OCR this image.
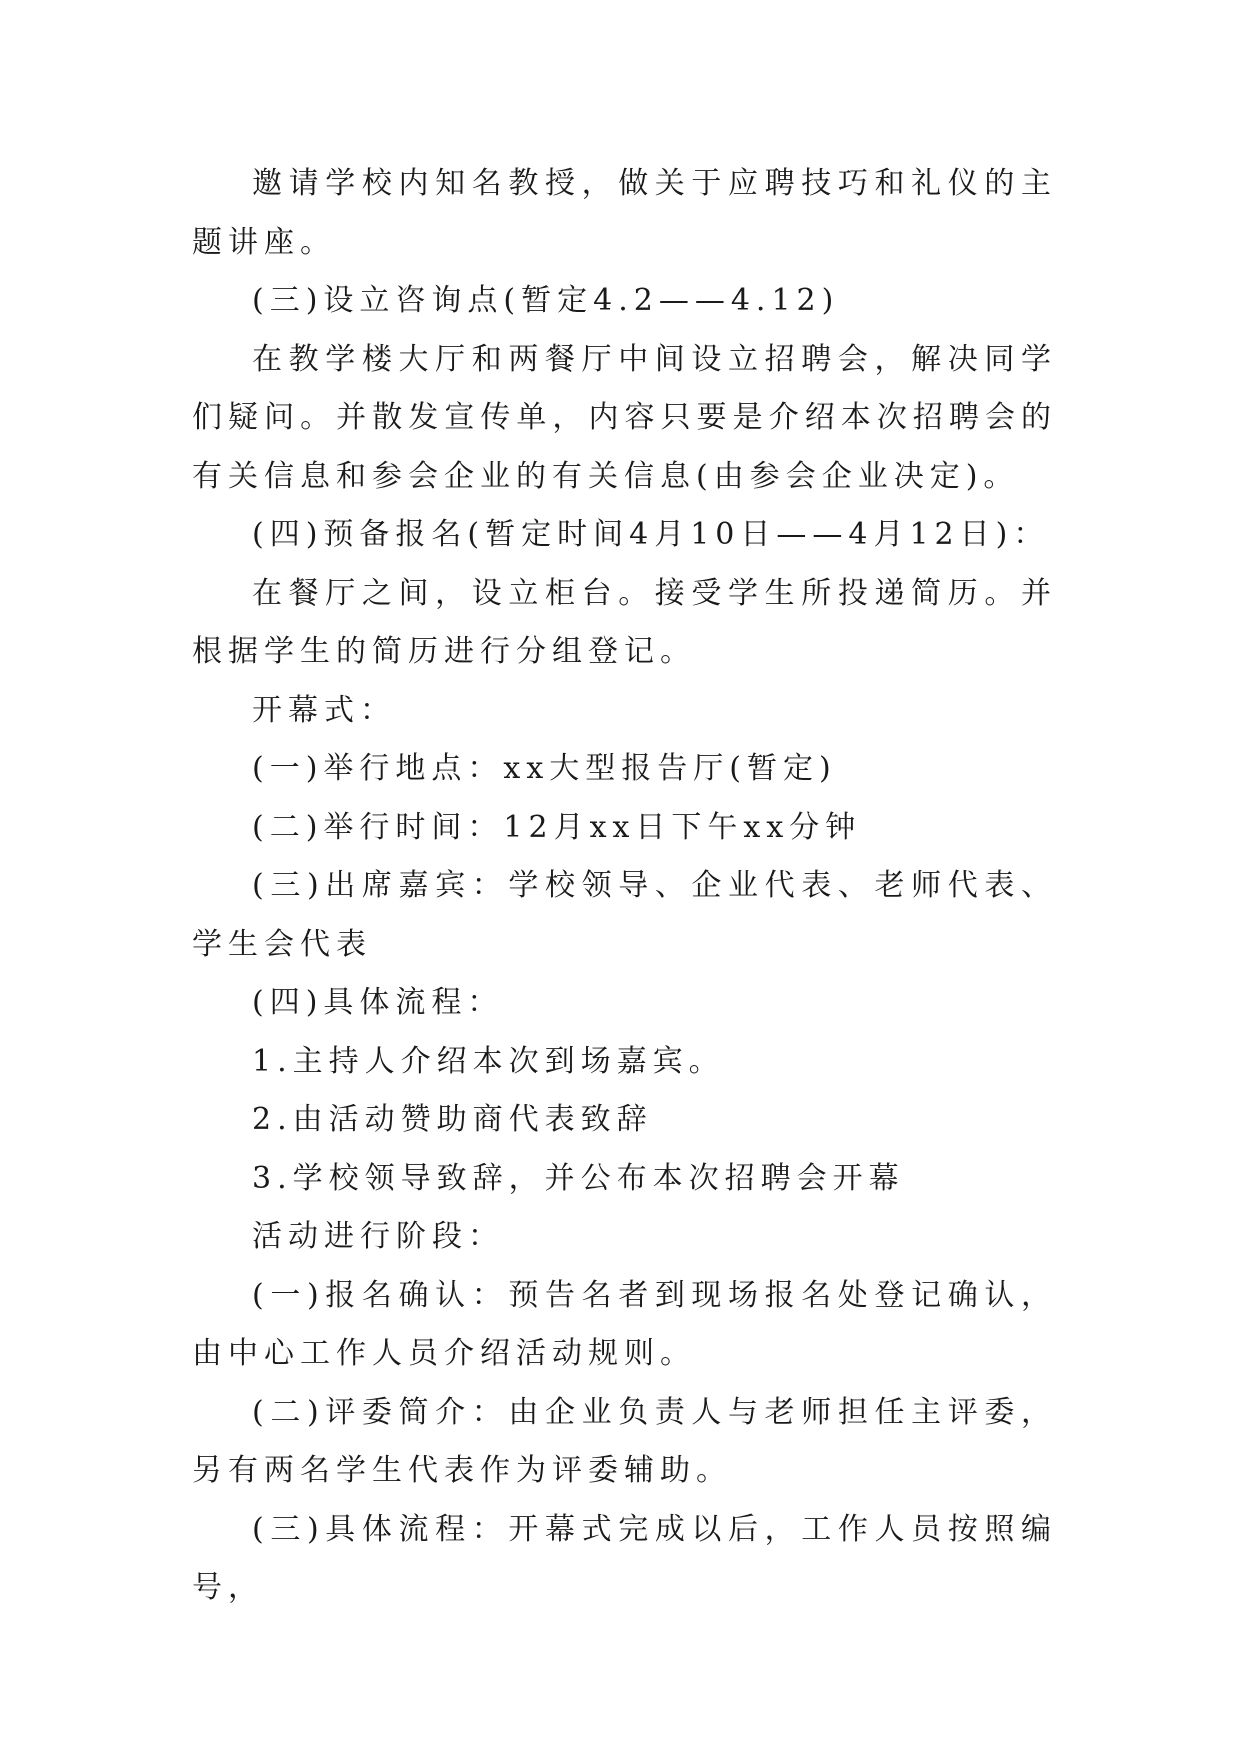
邀请学校内知名教授，做关于应聘技巧和礼仪的主题讲座。

(三)设立咨询点(暂定4.2——4.12)

在教学楼大厅和两餐厅中间设立招聘会，解决同学们疑问。并散发宣传单，内容只要是介绍本次招聘会的有关信息和参会企业的有关信息(由参会企业决定)。

(四)预备报名(暂定时间4月10日——4月12日)：

在餐厅之间，设立柜台。接受学生所投递简历。并根据学生的简历进行分组登记。

开幕式：

(一)举行地点：xx大型报告厅(暂定)

(二)举行时间：12月xx日下午xx分钟

(三)出席嘉宾：学校领导、企业代表、老师代表、学生会代表

(四)具体流程：

1.主持人介绍本次到场嘉宾。

2.由活动赞助商代表致辞

3.学校领导致辞，并公布本次招聘会开幕

活动进行阶段：

(一)报名确认：预告名者到现场报名处登记确认，由中心工作人员介绍活动规则。

(二)评委简介：由企业负责人与老师担任主评委，另有两名学生代表作为评委辅助。

(三)具体流程：开幕式完成以后，工作人员按照编号，
